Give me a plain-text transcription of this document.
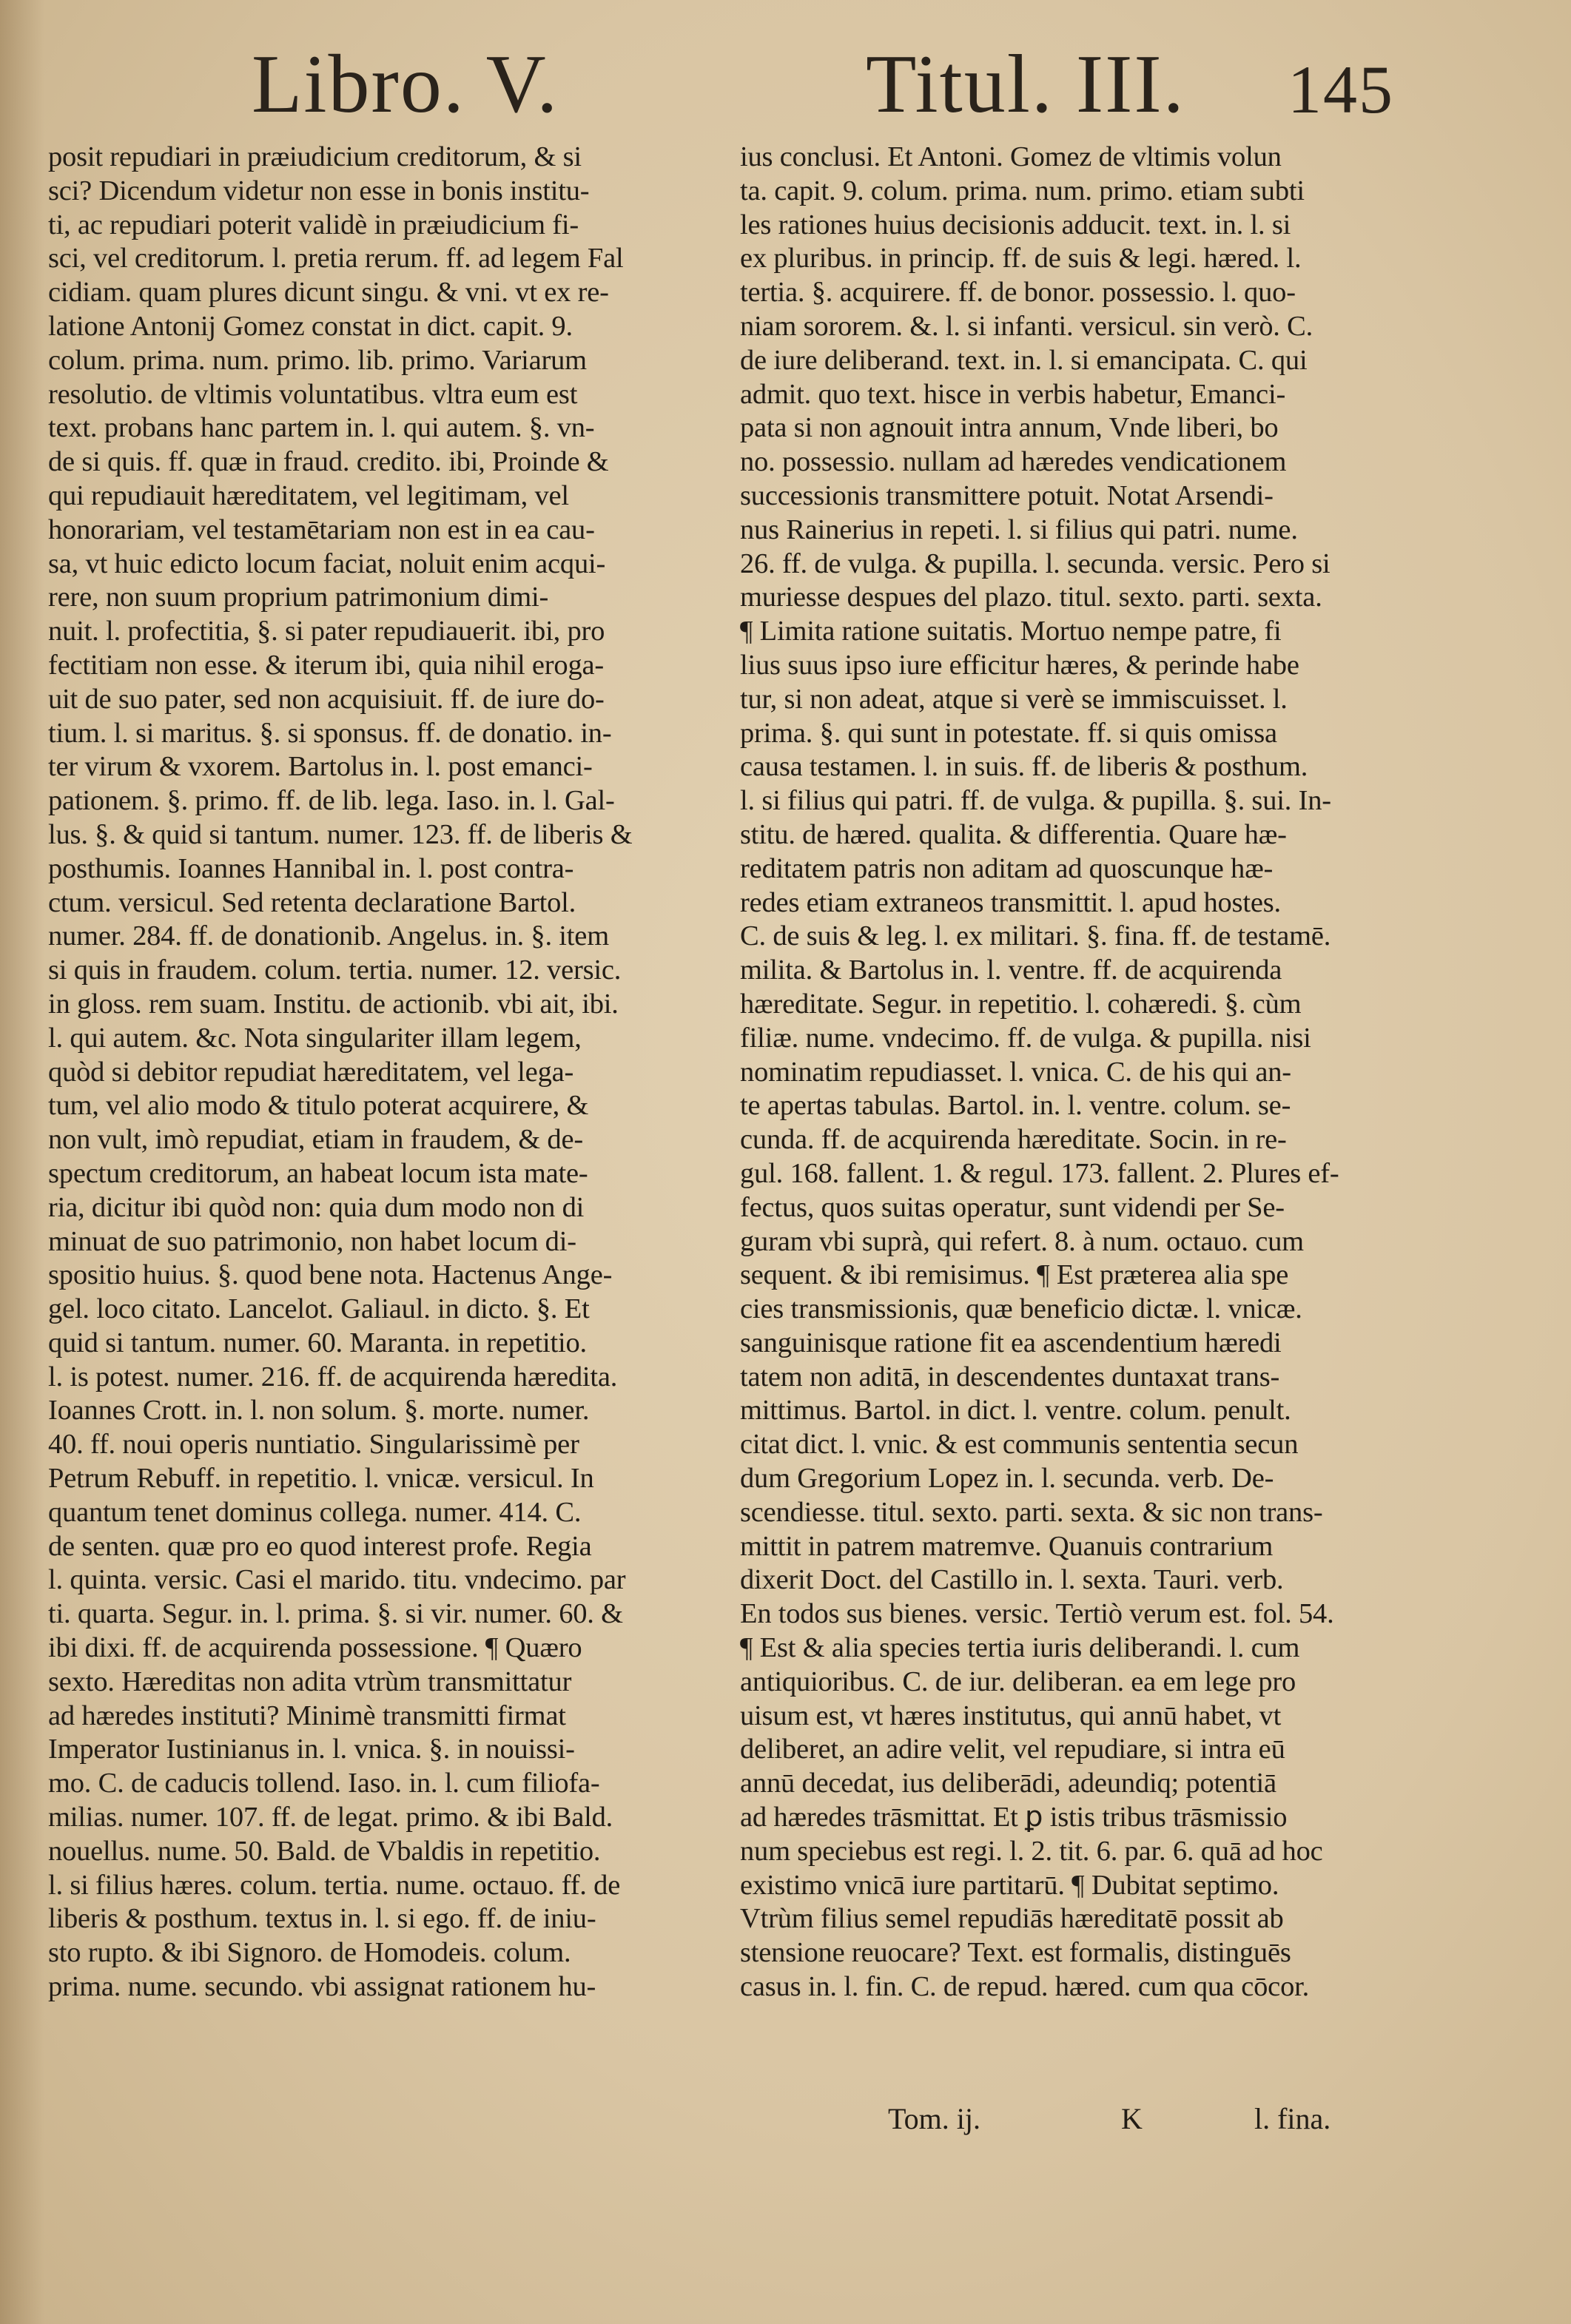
Libro. V.	Titul. III. 145
posit repudiari in præiudicium creditorum, & si
sci? Dicendum videtur non esse in bonis institu-
ti, ac repudiari poterit validè in præiudicium fi-
sci, vel creditorum. l. pretia rerum. ff. ad legem Fal
cidiam. quam plures dicunt singu. & vni. vt ex re-
latione Antonij Gomez constat in dict. capit. 9.
colum. prima. num. primo. lib. primo. Variarum
resolutio. de vltimis voluntatibus. vltra eum est
text. probans hanc partem in. l. qui autem. §. vn-
de si quis. ff. quæ in fraud. credito. ibi, Proinde &
qui repudiauit hæreditatem, vel legitimam, vel
honorariam, vel testamētariam non est in ea cau-
sa, vt huic edicto locum faciat, noluit enim acqui-
rere, non suum proprium patrimonium dimi-
nuit. l. profectitia, §. si pater repudiauerit. ibi, pro
fectitiam non esse. & iterum ibi, quia nihil eroga-
uit de suo pater, sed non acquisiuit. ff. de iure do-
tium. l. si maritus. §. si sponsus. ff. de donatio. in-
ter virum & vxorem. Bartolus in. l. post emanci-
pationem. §. primo. ff. de lib. lega. Iaso. in. l. Gal-
lus. §. & quid si tantum. numer. 123. ff. de liberis &
posthumis. Ioannes Hannibal in. l. post contra-
ctum. versicul. Sed retenta declaratione Bartol.
numer. 284. ff. de donationib. Angelus. in. §. item
si quis in fraudem. colum. tertia. numer. 12. versic.
in gloss. rem suam. Institu. de actionib. vbi ait, ibi.
l. qui autem. &c. Nota singulariter illam legem,
quòd si debitor repudiat hæreditatem, vel lega-
tum, vel alio modo & titulo poterat acquirere, &
non vult, imò repudiat, etiam in fraudem, & de-
spectum creditorum, an habeat locum ista mate-
ria, dicitur ibi quòd non: quia dum modo non di
minuat de suo patrimonio, non habet locum di-
spositio huius. §. quod bene nota. Hactenus Ange-
gel. loco citato. Lancelot. Galiaul. in dicto. §. Et
quid si tantum. numer. 60. Maranta. in repetitio.
l. is potest. numer. 216. ff. de acquirenda hæredita.
Ioannes Crott. in. l. non solum. §. morte. numer.
40. ff. noui operis nuntiatio. Singularissimè per
Petrum Rebuff. in repetitio. l. vnicæ. versicul. In
quantum tenet dominus collega. numer. 414. C.
de senten. quæ pro eo quod interest profe. Regia
l. quinta. versic. Casi el marido. titu. vndecimo. par
ti. quarta. Segur. in. l. prima. §. si vir. numer. 60. &
ibi dixi. ff. de acquirenda possessione. ¶ Quæro
sexto. Hæreditas non adita vtrùm transmittatur
ad hæredes instituti? Minimè transmitti firmat
Imperator Iustinianus in. l. vnica. §. in nouissi-
mo. C. de caducis tollend. Iaso. in. l. cum filiofa-
milias. numer. 107. ff. de legat. primo. & ibi Bald.
nouellus. nume. 50. Bald. de Vbaldis in repetitio.
l. si filius hæres. colum. tertia. nume. octauo. ff. de
liberis & posthum. textus in. l. si ego. ff. de iniu-
sto rupto. & ibi Signoro. de Homodeis. colum.
prima. nume. secundo. vbi assignat rationem hu-
ius conclusi. Et Antoni. Gomez de vltimis volun
ta. capit. 9. colum. prima. num. primo. etiam subti
les rationes huius decisionis adducit. text. in. l. si
ex pluribus. in princip. ff. de suis & legi. hæred. l.
tertia. §. acquirere. ff. de bonor. possessio. l. quo-
niam sororem. &. l. si infanti. versicul. sin verò. C.
de iure deliberand. text. in. l. si emancipata. C. qui
admit. quo text. hisce in verbis habetur, Emanci-
pata si non agnouit intra annum, Vnde liberi, bo
no. possessio. nullam ad hæredes vendicationem
successionis transmittere potuit. Notat Arsendi-
nus Rainerius in repeti. l. si filius qui patri. nume.
26. ff. de vulga. & pupilla. l. secunda. versic. Pero si
muriesse despues del plazo. titul. sexto. parti. sexta.
¶ Limita ratione suitatis. Mortuo nempe patre, fi
lius suus ipso iure efficitur hæres, & perinde habe
tur, si non adeat, atque si verè se immiscuisset. l.
prima. §. qui sunt in potestate. ff. si quis omissa
causa testamen. l. in suis. ff. de liberis & posthum.
l. si filius qui patri. ff. de vulga. & pupilla. §. sui. In-
stitu. de hæred. qualita. & differentia. Quare hæ-
reditatem patris non aditam ad quoscunque hæ-
redes etiam extraneos transmittit. l. apud hostes.
C. de suis & leg. l. ex militari. §. fina. ff. de testamē.
milita. & Bartolus in. l. ventre. ff. de acquirenda
hæreditate. Segur. in repetitio. l. cohæredi. §. cùm
filiæ. nume. vndecimo. ff. de vulga. & pupilla. nisi
nominatim repudiasset. l. vnica. C. de his qui an-
te apertas tabulas. Bartol. in. l. ventre. colum. se-
cunda. ff. de acquirenda hæreditate. Socin. in re-
gul. 168. fallent. 1. & regul. 173. fallent. 2. Plures ef-
fectus, quos suitas operatur, sunt videndi per Se-
guram vbi suprà, qui refert. 8. à num. octauo. cum
sequent. & ibi remisimus. ¶ Est præterea alia spe
cies transmissionis, quæ beneficio dictæ. l. vnicæ.
sanguinisque ratione fit ea ascendentium hæredi
tatem non aditā, in descendentes duntaxat trans-
mittimus. Bartol. in dict. l. ventre. colum. penult.
citat dict. l. vnic. & est communis sententia secun
dum Gregorium Lopez in. l. secunda. verb. De-
scendiesse. titul. sexto. parti. sexta. & sic non trans-
mittit in patrem matremve. Quanuis contrarium
dixerit Doct. del Castillo in. l. sexta. Tauri. verb.
En todos sus bienes. versic. Tertiò verum est. fol. 54.
¶ Est & alia species tertia iuris deliberandi. l. cum
antiquioribus. C. de iur. deliberan. ea em lege pro
uisum est, vt hæres institutus, qui annū habet, vt
deliberet, an adire velit, vel repudiare, si intra eū
annū decedat, ius deliberādi, adeundiq; potentiā
ad hæredes trāsmittat. Et ꝑ istis tribus trāsmissio
num speciebus est regi. l. 2. tit. 6. par. 6. quā ad hoc
existimo vnicā iure partitarū. ¶ Dubitat septimo.
Vtrùm filius semel repudiās hæreditatē possit ab
stensione reuocare? Text. est formalis, distinguēs
casus in. l. fin. C. de repud. hæred. cum qua cōcor.
Tom. ij.	K	l. fina.
